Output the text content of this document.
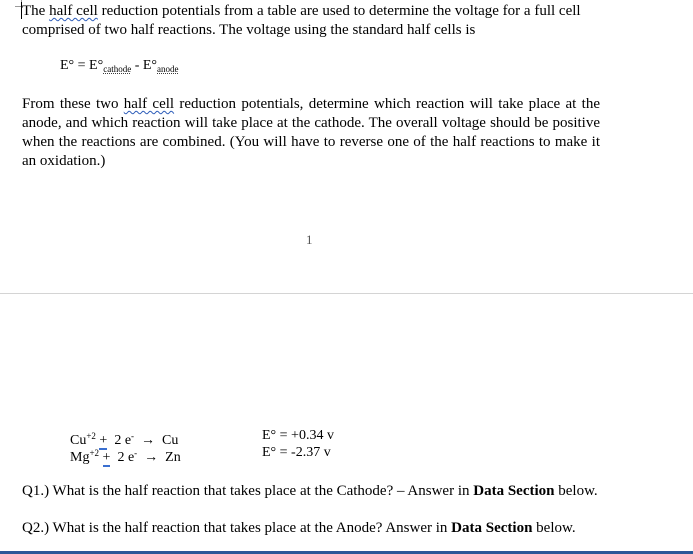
The half cell reduction potentials from a table are used to determine the voltage for a full cell comprised of two half reactions. The voltage using the standard half cells is

$E^\circ = E^\circ_{cathode} - E^\circ_{anode}$

From these two half cell reduction potentials, determine which reaction will take place at the anode, and which reaction will take place at the cathode. The overall voltage should be positive when the reactions are combined. (You will have to reverse one of the half reactions to make it an oxidation.)

1
$Cu^{+2} + 2$ e- → Cu	E° = +0.34 v
$Mg^{+2} + 2$ e- → Zn	E° = -2.37 v

Q1.) What is the half reaction that takes place at the Cathode? – Answer in Data Section below.

Q2.) What is the half reaction that takes place at the Anode? Answer in Data Section below.
